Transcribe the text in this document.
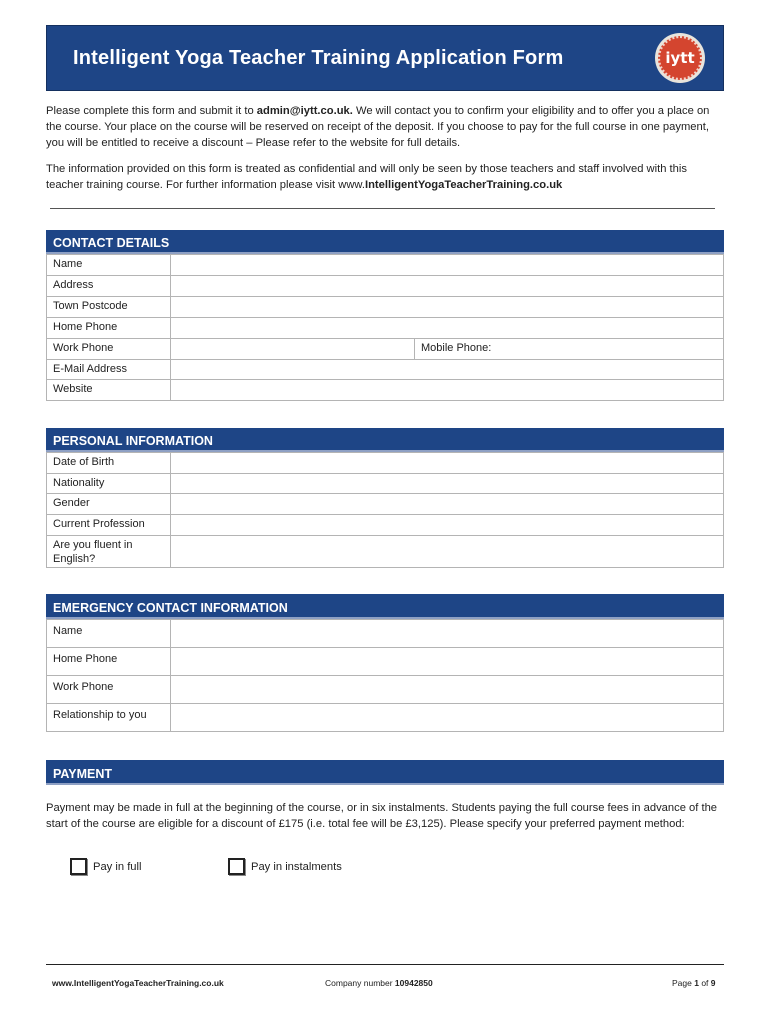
Intelligent Yoga Teacher Training Application Form	iytt
Please complete this form and submit it to admin@iytt.co.uk. We will contact you to confirm your eligibility and to offer you a place on the course. Your place on the course will be reserved on receipt of the deposit. If you choose to pay for the full course in one payment, you will be entitled to receive a discount – Please refer to the website for full details.
The information provided on this form is treated as confidential and will only be seen by those teachers and staff involved with this teacher training course. For further information please visit www.IntelligentYogaTeacherTraining.co.uk
CONTACT DETAILS
Name		

Address		

Town Postcode		

Home Phone		

Work Phone		Mobile Phone:

E-Mail Address		

Website		

PERSONAL INFORMATION
Date of Birth	

Nationality	

Gender	

Current Profession	

Are you fluent in English?	

EMERGENCY CONTACT INFORMATION
Name	

Home Phone	

Work Phone	

Relationship to you	

PAYMENT
Payment may be made in full at the beginning of the course, or in six instalments. Students paying the full course fees in advance of the start of the course are eligible for a discount of £175 (i.e. total fee will be £3,125). Please specify your preferred payment method:
Pay in full	Pay in instalments
www.IntelligentYogaTeacherTraining.co.uk	Company number 10942850	Page 1 of 9
